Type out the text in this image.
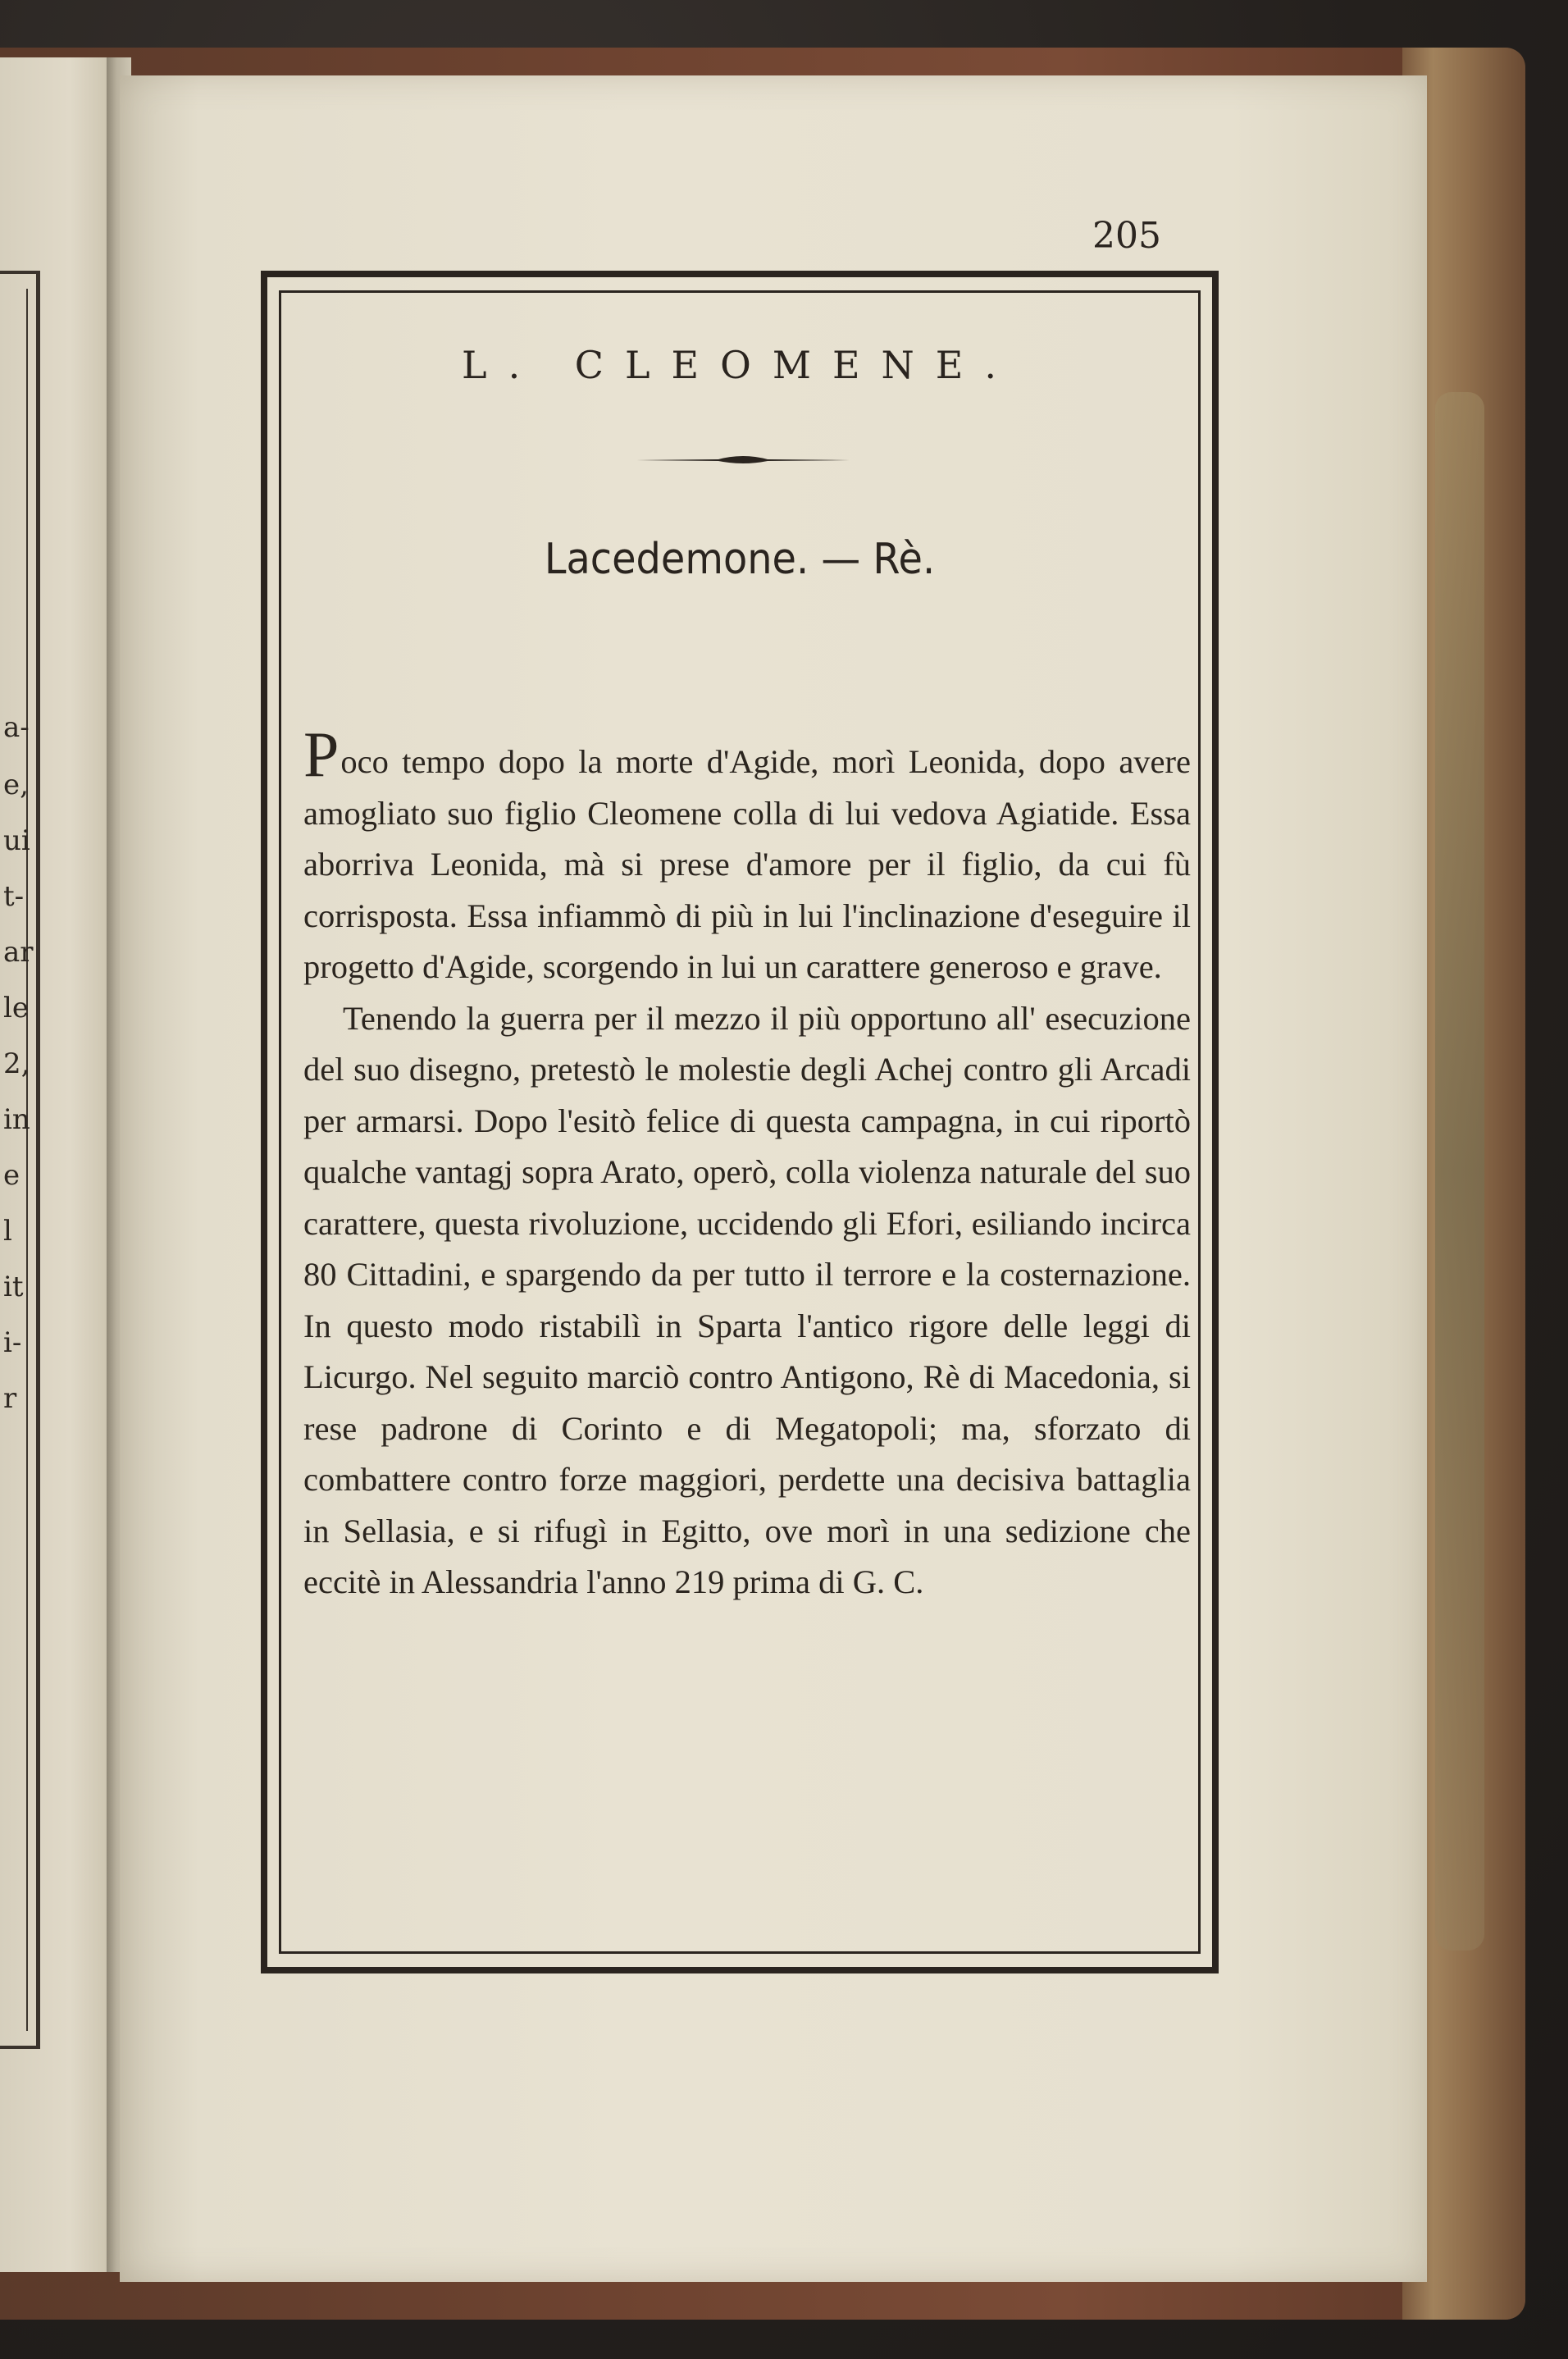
a-
e,
ui
t-
ar
le
2,
in
e
l
it
i-
r
205
L. CLEOMENE.
Lacedemone. — Rè.

Poco tempo dopo la morte d'Agide, morì Leonida, dopo avere amogliato suo figlio Cleomene colla di lui vedova Agiatide. Essa aborriva Leonida, mà si prese d'amore per il figlio, da cui fù corrisposta. Essa infiammò di più in lui l'inclinazione d'eseguire il progetto d'Agide, scorgendo in lui un carattere generoso e grave.

Tenendo la guerra per il mezzo il più opportuno all' esecuzione del suo disegno, pretestò le molestie degli Achej contro gli Arcadi per armarsi. Dopo l'esitò felice di questa campagna, in cui riportò qualche vantagj sopra Arato, operò, colla violenza naturale del suo carattere, questa rivoluzione, uccidendo gli Efori, esiliando incirca 80 Cittadini, e spargendo da per tutto il terrore e la costernazione. In questo modo ristabilì in Sparta l'antico rigore delle leggi di Licurgo. Nel seguito marciò contro Antigono, Rè di Macedonia, si rese padrone di Corinto e di Megatopoli; ma, sforzato di combattere contro forze maggiori, perdette una decisiva battaglia in Sellasia, e si rifugì in Egitto, ove morì in una sedizione che eccitè in Alessandria l'anno 219 prima di G. C.
